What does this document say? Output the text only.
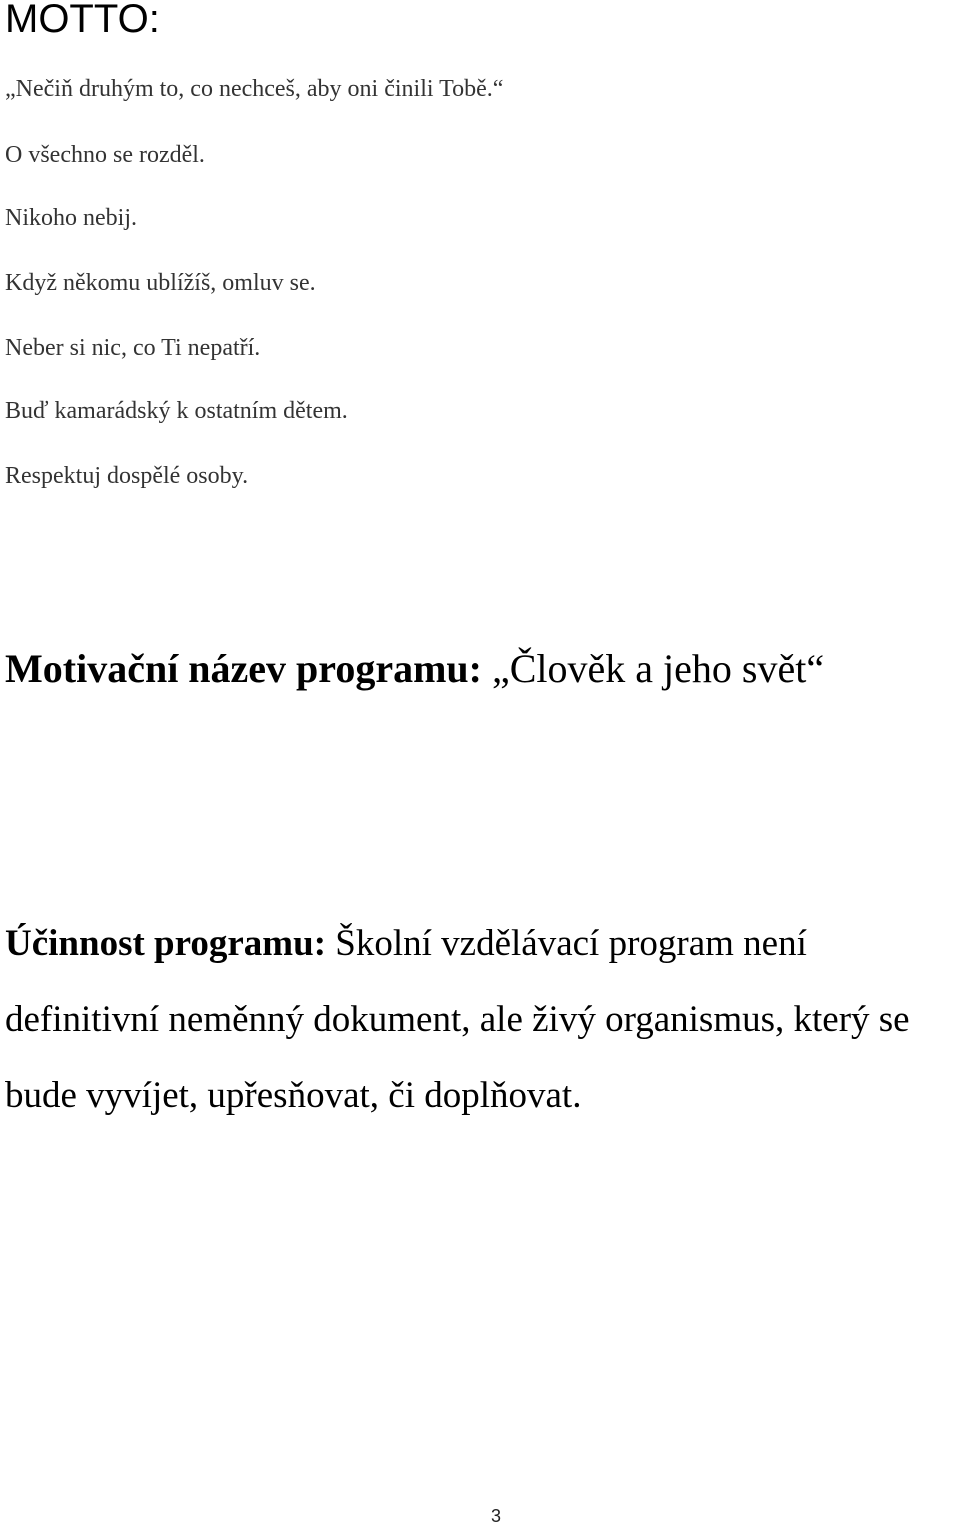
MOTTO:

„Nečiň druhým to, co nechceš, aby oni činili Tobě.“

O všechno se rozděl.

Nikoho nebij.

Když někomu ublížíš, omluv se.

Neber si nic, co Ti nepatří.

Buď kamarádský k ostatním dětem.

Respektuj dospělé osoby.

Motivační název programu: „Člověk a jeho svět“

Účinnost programu: Školní vzdělávací program není definitivní neměnný dokument, ale živý organismus, který se bude vyvíjet, upřesňovat, či doplňovat.

3
